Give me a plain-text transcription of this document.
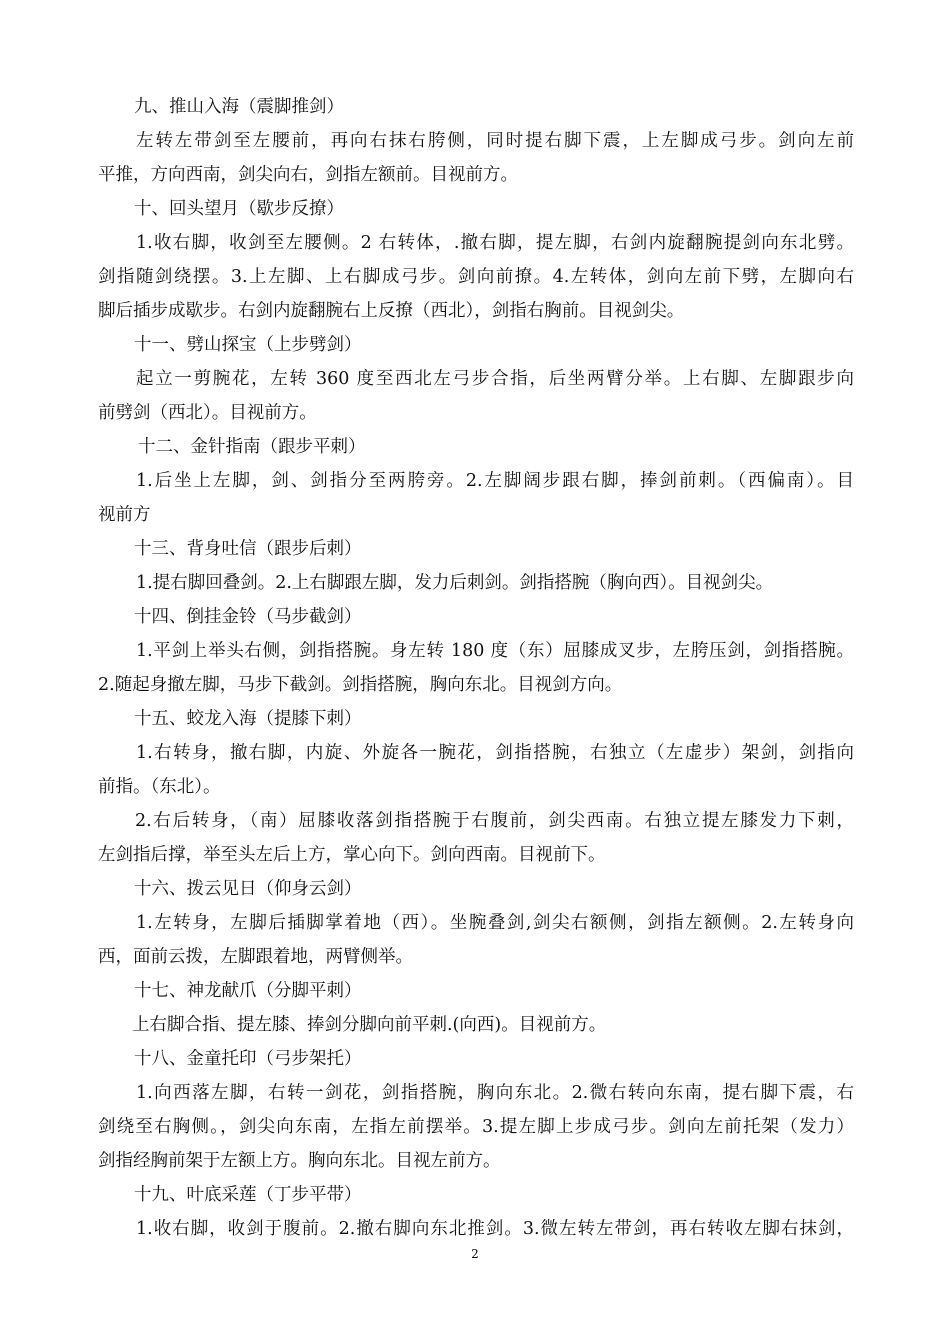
九、推山入海（震脚推剑）
左转左带剑至左腰前，再向右抹右胯侧，同时提右脚下震，上左脚成弓步。剑向左前
平推，方向西南，剑尖向右，剑指左额前。目视前方。
十、回头望月（歇步反撩）
1.收右脚，收剑至左腰侧。2 右转体，.撤右脚，提左脚，右剑内旋翻腕提剑向东北劈。
剑指随剑绕摆。3.上左脚、上右脚成弓步。剑向前撩。4.左转体，剑向左前下劈，左脚向右
脚后插步成歇步。右剑内旋翻腕右上反撩（西北），剑指右胸前。目视剑尖。
十一、劈山探宝（上步劈剑）
起立一剪腕花，左转 360 度至西北左弓步合指，后坐两臂分举。上右脚、左脚跟步向
前劈剑（西北）。目视前方。
十二、金针指南（跟步平刺）
1.后坐上左脚，剑、剑指分至两胯旁。2.左脚阔步跟右脚，捧剑前刺。（西偏南）。目
视前方
十三、背身吐信（跟步后刺）
1.提右脚回叠剑。2.上右脚跟左脚，发力后刺剑。剑指搭腕（胸向西）。目视剑尖。
十四、倒挂金铃（马步截剑）
1.平剑上举头右侧，剑指搭腕。身左转 180 度（东）屈膝成叉步，左胯压剑，剑指搭腕。
2.随起身撤左脚，马步下截剑。剑指搭腕，胸向东北。目视剑方向。
十五、蛟龙入海（提膝下刺）
1.右转身，撤右脚，内旋、外旋各一腕花，剑指搭腕，右独立（左虚步）架剑，剑指向
前指。（东北）。
2.右后转身，（南）屈膝收落剑指搭腕于右腹前，剑尖西南。右独立提左膝发力下刺，
左剑指后撑，举至头左后上方，掌心向下。剑向西南。目视前下。
十六、拨云见日（仰身云剑）
1.左转身，左脚后插脚掌着地（西）。坐腕叠剑,剑尖右额侧，剑指左额侧。2.左转身向
西，面前云拨，左脚跟着地，两臂侧举。
十七、神龙献爪（分脚平刺）
上右脚合指、提左膝、捧剑分脚向前平刺.(向西)。目视前方。
十八、金童托印（弓步架托）
1.向西落左脚，右转一剑花，剑指搭腕，胸向东北。2.微右转向东南，提右脚下震，右
剑绕至右胸侧。，剑尖向东南，左指左前摆举。3.提左脚上步成弓步。剑向左前托架（发力）
剑指经胸前架于左额上方。胸向东北。目视左前方。
十九、叶底采莲（丁步平带）
1.收右脚，收剑于腹前。2.撤右脚向东北推剑。3.微左转左带剑，再右转收左脚右抹剑，
2
